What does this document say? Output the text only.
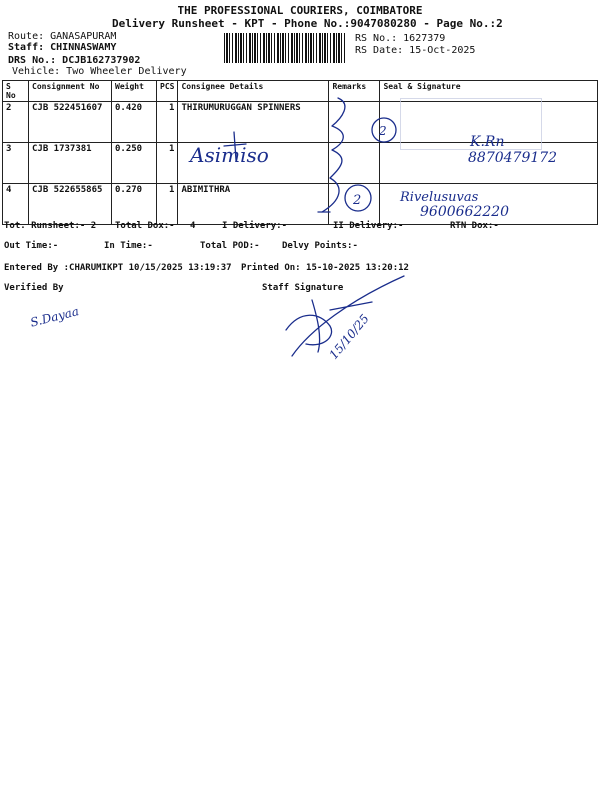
THE PROFESSIONAL COURIERS, COIMBATORE
Delivery Runsheet - KPT - Phone No.:9047080280 - Page No.:2
Route: GANASAPURAM
Staff: CHINNASWAMY
DRS No.: DCJB162737902
Vehicle: Two Wheeler Delivery
RS No.: 1627379
RS Date: 15-Oct-2025
S No	Consignment No	Weight	PCS	Consignee Details	Remarks	Seal & Signature
2	CJB 522451607	0.420	1	THIRUMURUGGAN SPINNERS		
3	CJB 1737381	0.250	1			
4	CJB 522655865	0.270	1	ABIMITHRA		
Tot. Runsheet:- 2 Total Dox:- 4	I Delivery:-	II Delivery:-	RTN Dox:-
Out Time:-	In Time:-	Total POD:- Delvy Points:-
Entered By :CHARUMIKPT 10/15/2025 13:19:37 Printed On: 15-10-2025 13:20:12
Verified By	Staff Signature
2
2
K.Rn
8870479172
Asimiso
Rivelusuvas
9600662220
S.Dayaa	15/10/25
